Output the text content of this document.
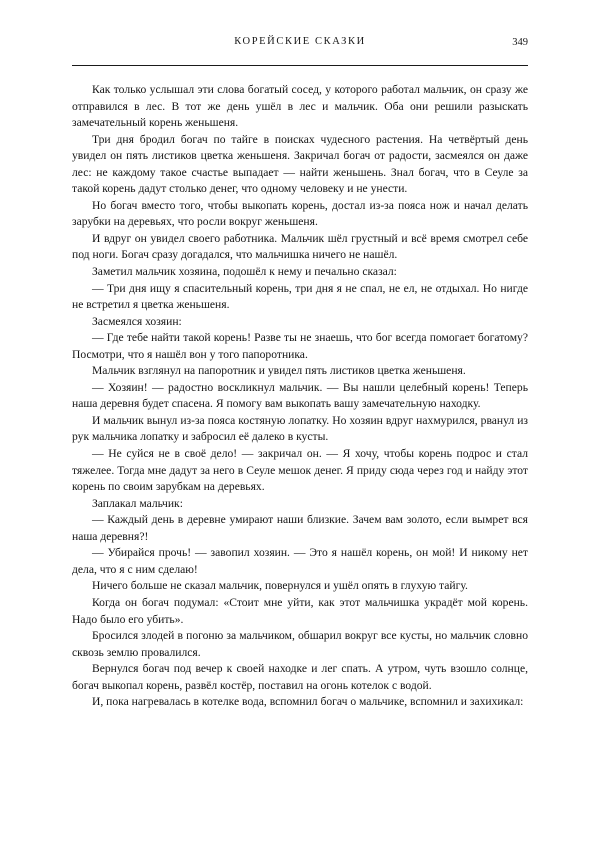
КОРЕЙСКИЕ СКАЗКИ	349

Как только услышал эти слова богатый сосед, у которого работал мальчик, он сразу же отправился в лес. В тот же день ушёл в лес и мальчик. Оба они решили разыскать замечательный корень женьшеня.

Три дня бродил богач по тайге в поисках чудесного растения. На четвёртый день увидел он пять листиков цветка женьшеня. Закричал богач от радости, засмеялся он даже лес: не каждому такое счастье выпадает — найти женьшень. Знал богач, что в Сеуле за такой корень дадут столько денег, что одному человеку и не унести.

Но богач вместо того, чтобы выкопать корень, достал из-за пояса нож и начал делать зарубки на деревьях, что росли вокруг женьшеня.

И вдруг он увидел своего работника. Мальчик шёл грустный и всё время смотрел себе под ноги. Богач сразу догадался, что мальчишка ничего не нашёл.

Заметил мальчик хозяина, подошёл к нему и печально сказал:

— Три дня ищу я спасительный корень, три дня я не спал, не ел, не отдыхал. Но нигде не встретил я цветка женьшеня.

Засмеялся хозяин:

— Где тебе найти такой корень! Разве ты не знаешь, что бог всегда помогает богатому? Посмотри, что я нашёл вон у того папоротника.

Мальчик взглянул на папоротник и увидел пять листиков цветка женьшеня.

— Хозяин! — радостно воскликнул мальчик. — Вы нашли целебный корень! Теперь наша деревня будет спасена. Я помогу вам выкопать вашу замечательную находку.

И мальчик вынул из-за пояса костяную лопатку. Но хозяин вдруг нахмурился, рванул из рук мальчика лопатку и забросил её далеко в кусты.

— Не суйся не в своё дело! — закричал он. — Я хочу, чтобы корень подрос и стал тяжелее. Тогда мне дадут за него в Сеуле мешок денег. Я приду сюда через год и найду этот корень по своим зарубкам на деревьях.

Заплакал мальчик:

— Каждый день в деревне умирают наши близкие. Зачем вам золото, если вымрет вся наша деревня?!

— Убирайся прочь! — завопил хозяин. — Это я нашёл корень, он мой! И никому нет дела, что я с ним сделаю!

Ничего больше не сказал мальчик, повернулся и ушёл опять в глухую тайгу.

Когда он богач подумал: «Стоит мне уйти, как этот мальчишка украдёт мой корень. Надо было его убить».

Бросился злодей в погоню за мальчиком, обшарил вокруг все кусты, но мальчик словно сквозь землю провалился.

Вернулся богач под вечер к своей находке и лег спать. А утром, чуть взошло солнце, богач выкопал корень, развёл костёр, поставил на огонь котелок с водой.

И, пока нагревалась в котелке вода, вспомнил богач о мальчике, вспомнил и захихикал:
